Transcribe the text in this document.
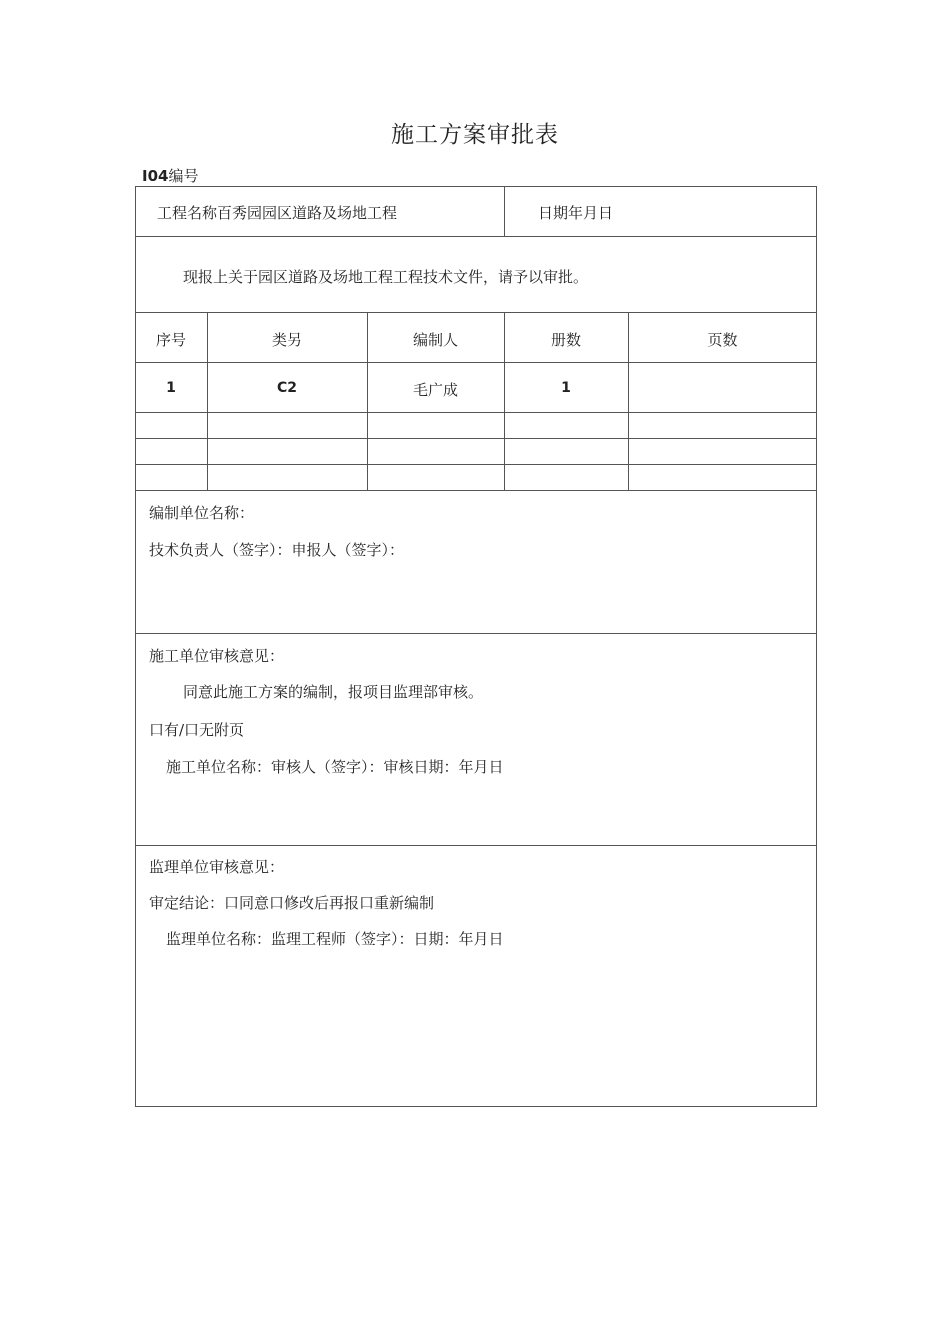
施工方案审批表
I04编号
工程名称百秀园园区道路及场地工程	日期年月日
现报上关于园区道路及场地工程工程技术文件，请予以审批。
序号	类另	编制人	册数	页数
1	C2	毛广成	1
编制单位名称：
技术负责人（签字）：申报人（签字）：
施工单位审核意见：
同意此施工方案的编制，报项目监理部审核。
口有/口无附页
施工单位名称：审核人（签字）：审核日期：年月日
监理单位审核意见：
审定结论：口同意口修改后再报口重新编制
监理单位名称：监理工程师（签字）：日期：年月日
